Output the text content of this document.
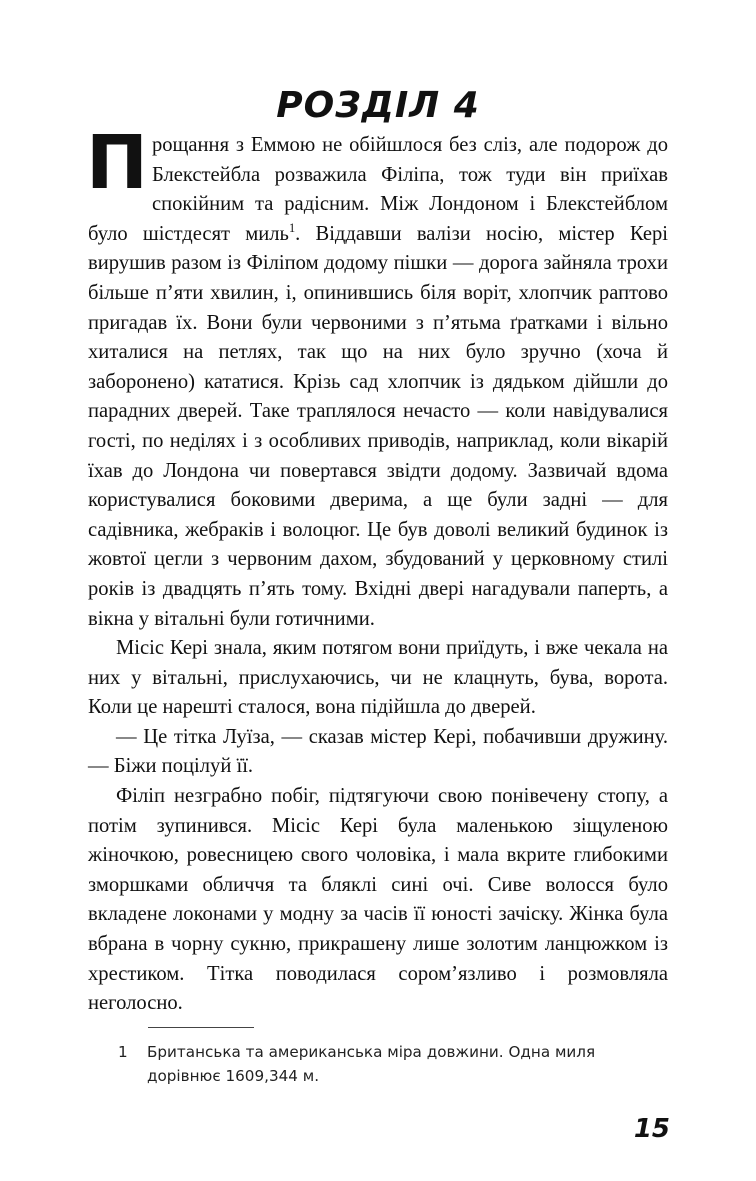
РОЗДІЛ 4

Прощання з Еммою не обійшлося без сліз, але подорож до Блекстейбла розважила Філіпа, тож туди він приїхав спокійним та радісним. Між Лондоном і Блекстейблом було шістдесят миль$^1$. Віддавши валізи носію, містер Кері вирушив разом із Філіпом додому пішки — дорога зайняла трохи більше п’яти хвилин, і, опинившись біля воріт, хлопчик раптово пригадав їх. Вони були червоними з п’ятьма ґратками і вільно хиталися на петлях, так що на них було зручно (хоча й заборонено) кататися. Крізь сад хлопчик із дядьком дійшли до парадних дверей. Таке траплялося нечасто — коли навідувалися гості, по неділях і з особливих приводів, наприклад, коли вікарій їхав до Лондона чи повертався звідти додому. Зазвичай вдома користувалися боковими дверима, а ще були задні — для садівника, жебраків і волоцюг. Це був доволі великий будинок із жовтої цегли з червоним дахом, збудований у церковному стилі років із двадцять п’ять тому. Вхідні двері нагадували паперть, а вікна у вітальні були готичними.

Місіс Кері знала, яким потягом вони приїдуть, і вже чекала на них у вітальні, прислухаючись, чи не клацнуть, бува, ворота. Коли це нарешті сталося, вона підійшла до дверей.

— Це тітка Луїза, — сказав містер Кері, побачивши дружину. — Біжи поцілуй її.

Філіп незграбно побіг, підтягуючи свою понівечену стопу, а потім зупинився. Місіс Кері була маленькою зіщуленою жіночкою, ровесницею свого чоловіка, і мала вкрите глибокими зморшками обличчя та бляклі сині очі. Сиве волосся було вкладене локонами у модну за часів її юності зачіску. Жінка була вбрана в чорну сукню, прикрашену лише золотим ланцюжком із хрестиком. Тітка поводилася сором’язливо і розмовляла неголосно.

1 Британська та американська міра довжини. Одна миля дорівнює 1609,344 м.
15
